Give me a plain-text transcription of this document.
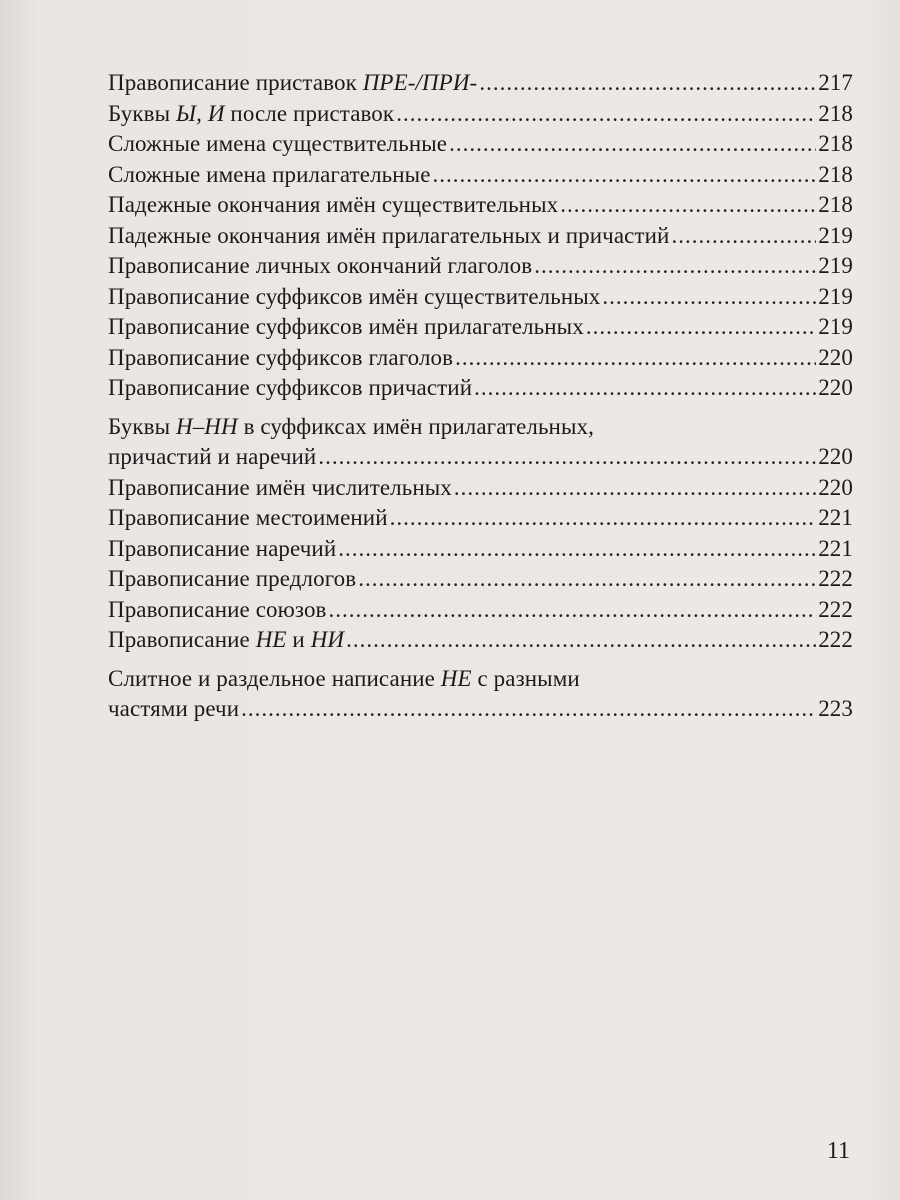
Правописание приставок ПРЕ-/ПРИ- .....	217
Буквы Ы, И после приставок .....	218
Сложные имена существительные .....	218
Сложные имена прилагательные .....	218
Падежные окончания имён существительных .....	218
Падежные окончания имён прилагательных и причастий .....	219
Правописание личных окончаний глаголов .....	219
Правописание суффиксов имён существительных .....	219
Правописание суффиксов имён прилагательных .....	219
Правописание суффиксов глаголов .....	220
Правописание суффиксов причастий .....	220
Буквы Н–НН в суффиксах имён прилагательных,
причастий и наречий .....	220
Правописание имён числительных .....	220
Правописание местоимений .....	221
Правописание наречий .....	221
Правописание предлогов .....	222
Правописание союзов .....	222
Правописание НЕ и НИ .....	222
Слитное и раздельное написание НЕ с разными
частями речи .....	223
11
